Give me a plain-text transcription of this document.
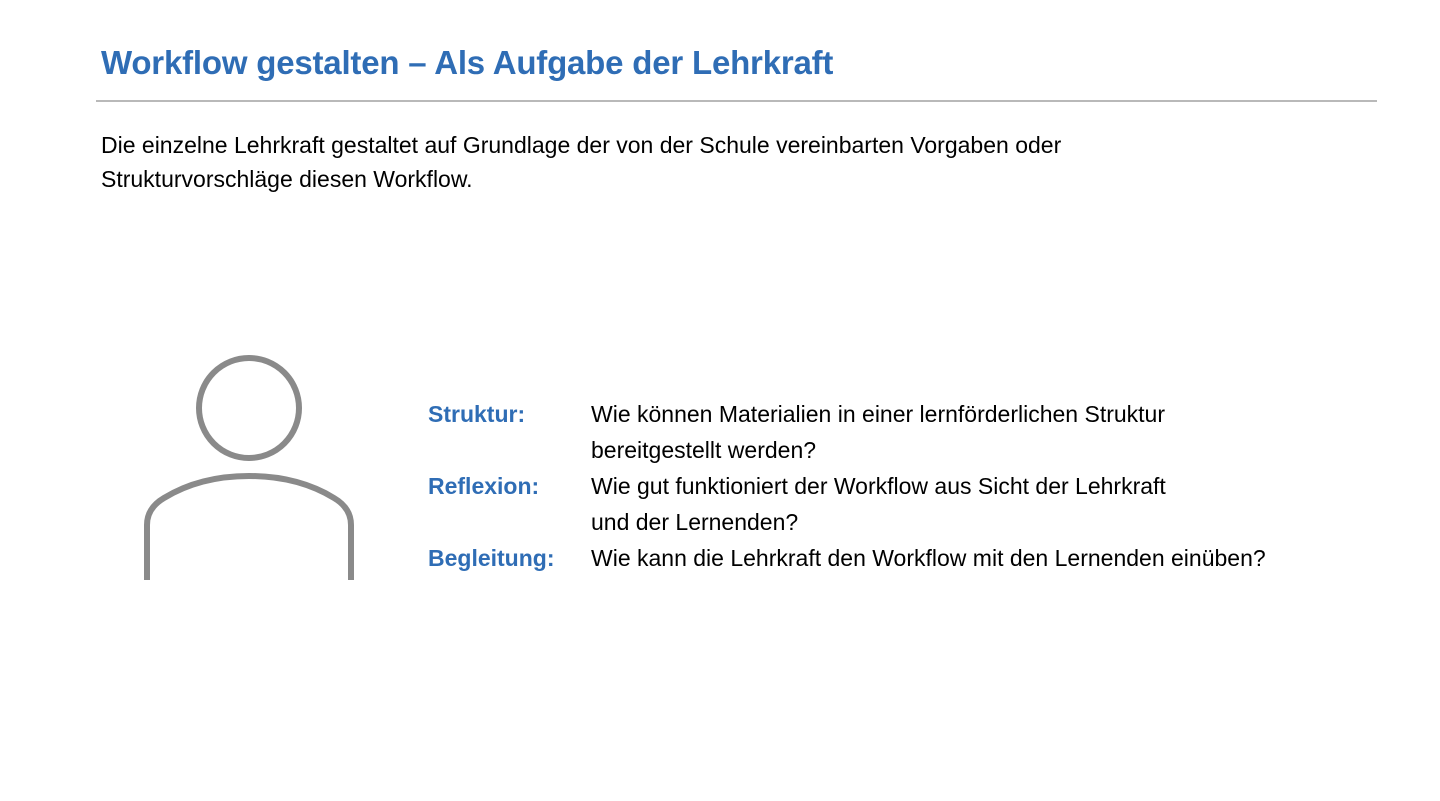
Workflow gestalten – Als Aufgabe der Lehrkraft

Die einzelne Lehrkraft gestaltet auf Grundlage der von der Schule vereinbarten Vorgaben oder
Strukturvorschläge diesen Workflow.

Struktur:	Wie können Materialien in einer lernförderlichen Struktur
bereitgestellt werden?
Reflexion:	Wie gut funktioniert der Workflow aus Sicht der Lehrkraft
und der Lernenden?
Begleitung:	Wie kann die Lehrkraft den Workflow mit den Lernenden einüben?
